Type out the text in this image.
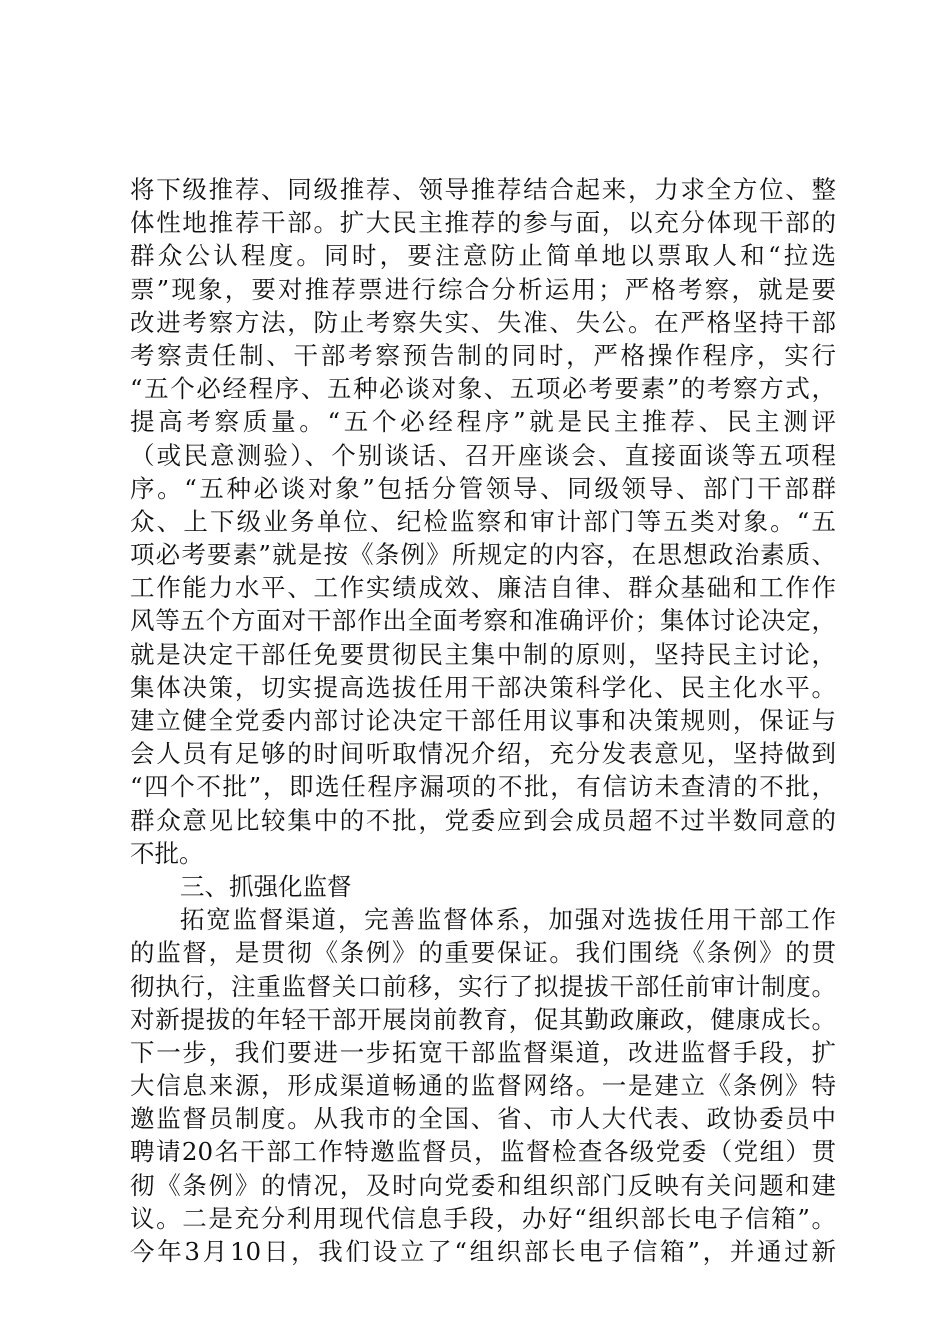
将下级推荐、同级推荐、领导推荐结合起来，力求全方位、整
体性地推荐干部。扩大民主推荐的参与面，以充分体现干部的
群众公认程度。同时，要注意防止简单地以票取人和“拉选
票”现象，要对推荐票进行综合分析运用；严格考察，就是要
改进考察方法，防止考察失实、失准、失公。在严格坚持干部
考察责任制、干部考察预告制的同时，严格操作程序，实行
“五个必经程序、五种必谈对象、五项必考要素”的考察方式，
提高考察质量。“五个必经程序”就是民主推荐、民主测评
（或民意测验）、个别谈话、召开座谈会、直接面谈等五项程
序。“五种必谈对象”包括分管领导、同级领导、部门干部群
众、上下级业务单位、纪检监察和审计部门等五类对象。“五
项必考要素”就是按《条例》所规定的内容，在思想政治素质、
工作能力水平、工作实绩成效、廉洁自律、群众基础和工作作
风等五个方面对干部作出全面考察和准确评价；集体讨论决定，
就是决定干部任免要贯彻民主集中制的原则，坚持民主讨论，
集体决策，切实提高选拔任用干部决策科学化、民主化水平。
建立健全党委内部讨论决定干部任用议事和决策规则，保证与
会人员有足够的时间听取情况介绍，充分发表意见，坚持做到
“四个不批”，即选任程序漏项的不批，有信访未查清的不批，
群众意见比较集中的不批，党委应到会成员超不过半数同意的
不批。
三、抓强化监督
拓宽监督渠道，完善监督体系，加强对选拔任用干部工作
的监督，是贯彻《条例》的重要保证。我们围绕《条例》的贯
彻执行，注重监督关口前移，实行了拟提拔干部任前审计制度。
对新提拔的年轻干部开展岗前教育，促其勤政廉政，健康成长。
下一步，我们要进一步拓宽干部监督渠道，改进监督手段，扩
大信息来源，形成渠道畅通的监督网络。一是建立《条例》特
邀监督员制度。从我市的全国、省、市人大代表、政协委员中
聘请20名干部工作特邀监督员，监督检查各级党委（党组）贯
彻《条例》的情况，及时向党委和组织部门反映有关问题和建
议。二是充分利用现代信息手段，办好“组织部长电子信箱”。
今年3月10日，我们设立了“组织部长电子信箱”，并通过新
